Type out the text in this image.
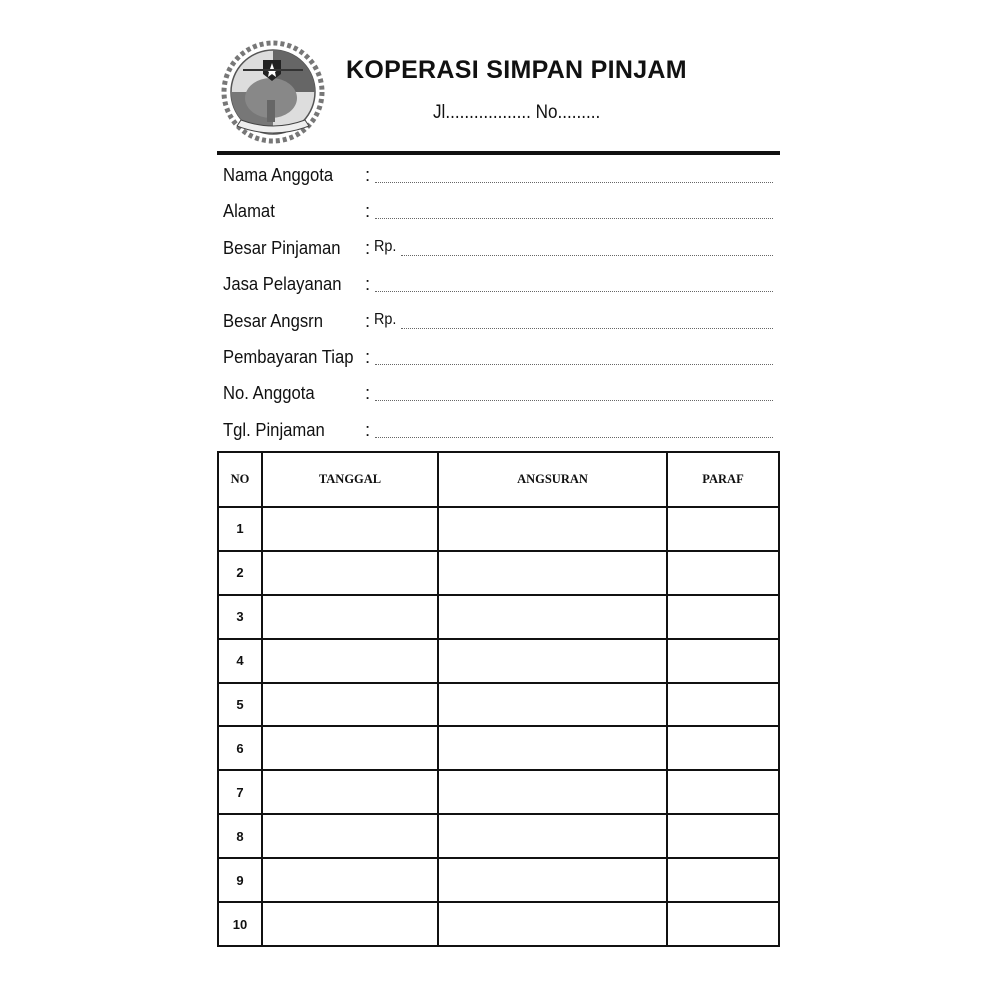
KOPERASI SIMPAN PINJAM
Jl.................. No.........
Nama Anggota :
Alamat	:
Besar Pinjaman : Rp.
Jasa Pelayanan :
Besar Angsrn : Rp.
Pembayaran Tiap :
No. Anggota	:
Tgl. Pinjaman :
NO	TANGGAL	ANGSURAN	PARAF
1			
2			
3			
4			
5			
6			
7			
8			
9			
10			
